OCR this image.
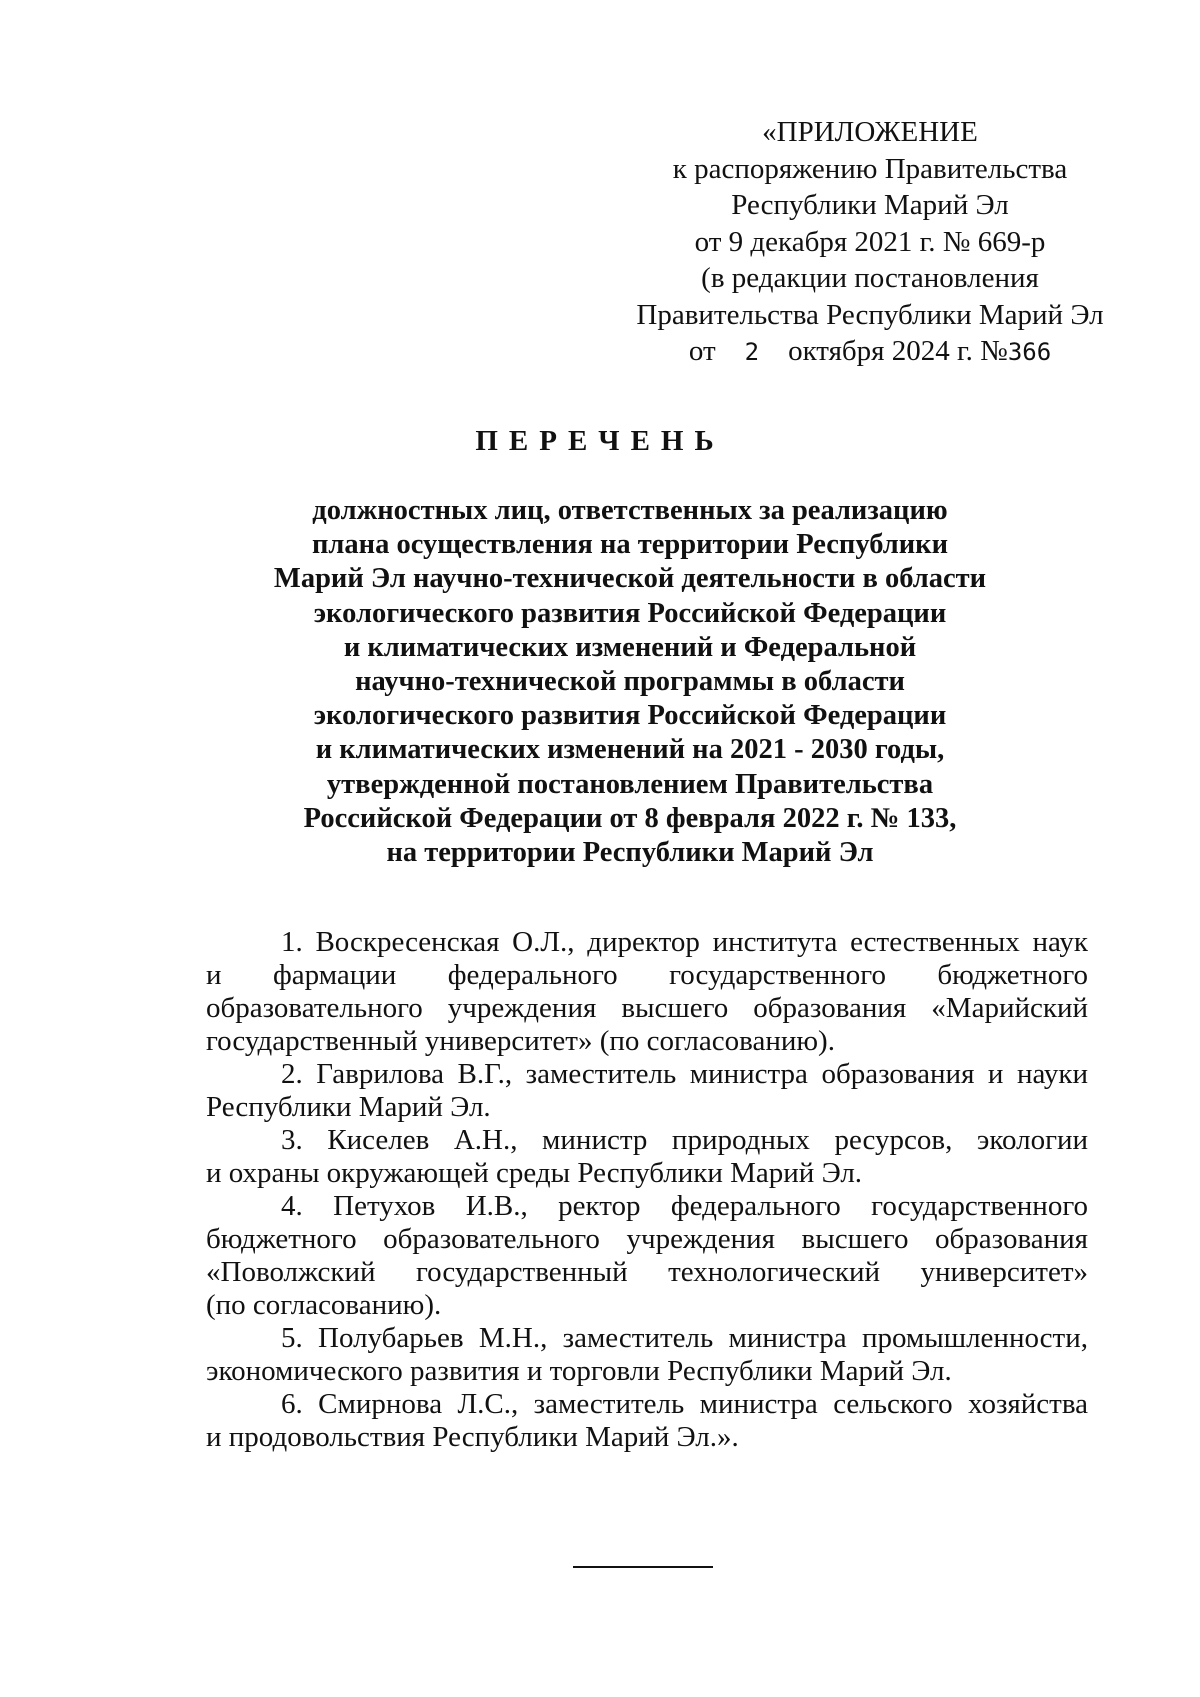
«ПРИЛОЖЕНИЕ
к распоряжению Правительства
Республики Марий Эл
от 9 декабря 2021 г. № 669-р
(в редакции постановления
Правительства Республики Марий Эл
от 2 октября 2024 г. №366
ПЕРЕЧЕНЬ
должностных лиц, ответственных за реализацию
плана осуществления на территории Республики
Марий Эл научно-технической деятельности в области
экологического развития Российской Федерации
и климатических изменений и Федеральной
научно-технической программы в области
экологического развития Российской Федерации
и климатических изменений на 2021 - 2030 годы,
утвержденной постановлением Правительства
Российской Федерации от 8 февраля 2022 г. № 133,
на территории Республики Марий Эл
1. Воскресенская О.Л., директор института естественных наук
и фармации федерального государственного бюджетного
образовательного учреждения высшего образования «Марийский
государственный университет» (по согласованию).
2. Гаврилова В.Г., заместитель министра образования и науки
Республики Марий Эл.
3. Киселев А.Н., министр природных ресурсов, экологии
и охраны окружающей среды Республики Марий Эл.
4. Петухов И.В., ректор федерального государственного
бюджетного образовательного учреждения высшего образования
«Поволжский государственный технологический университет»
(по согласованию).
5. Полубарьев М.Н., заместитель министра промышленности,
экономического развития и торговли Республики Марий Эл.
6. Смирнова Л.С., заместитель министра сельского хозяйства
и продовольствия Республики Марий Эл.».
